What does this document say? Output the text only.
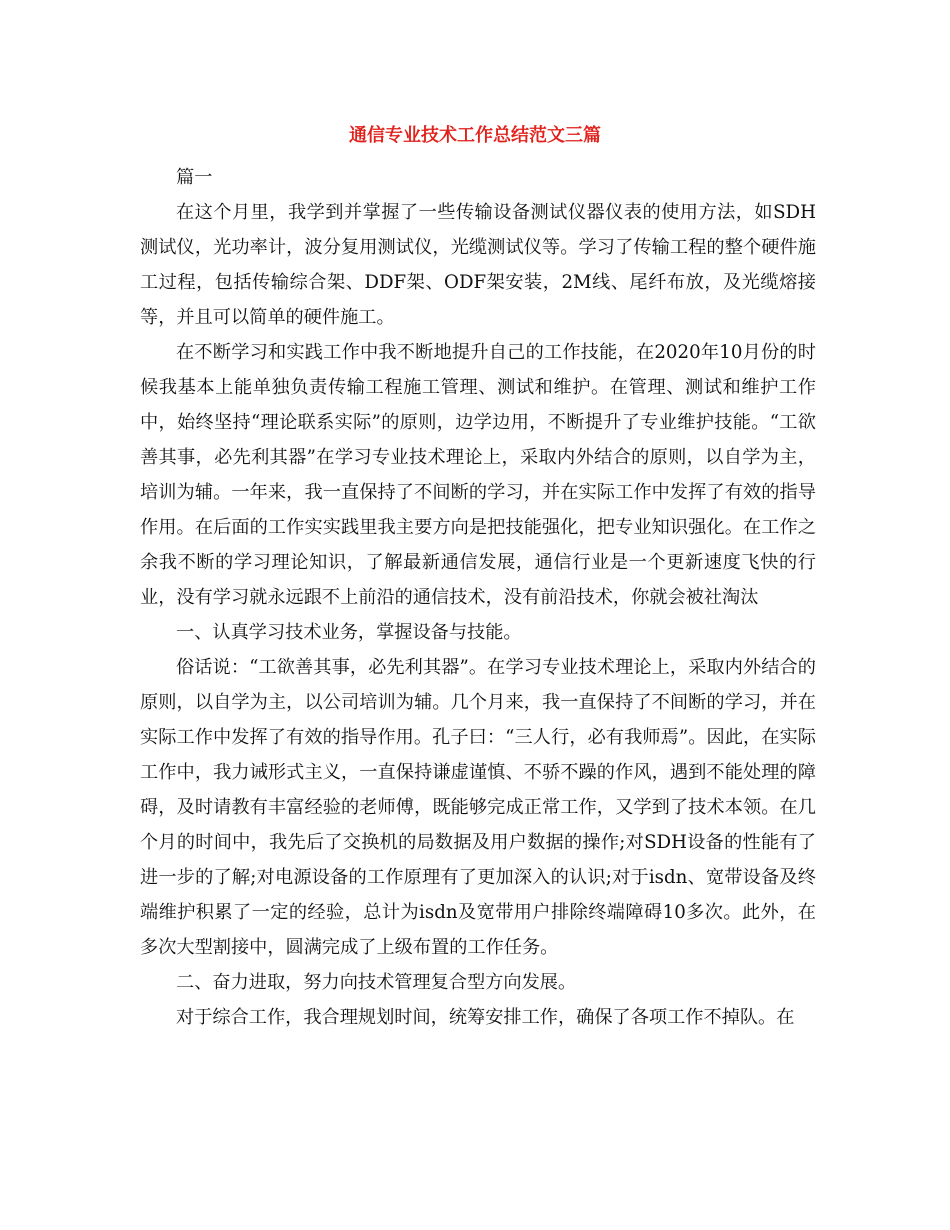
通信专业技术工作总结范文三篇

篇一

在这个月里，我学到并掌握了一些传输设备测试仪器仪表的使用方法，如SDH测试仪，光功率计，波分复用测试仪，光缆测试仪等。学习了传输工程的整个硬件施工过程，包括传输综合架、DDF架、ODF架安装，2M线、尾纤布放，及光缆熔接等，并且可以简单的硬件施工。

在不断学习和实践工作中我不断地提升自己的工作技能，在2020年10月份的时候我基本上能单独负责传输工程施工管理、测试和维护。在管理、测试和维护工作中，始终坚持“理论联系实际”的原则，边学边用，不断提升了专业维护技能。“工欲善其事，必先利其器”在学习专业技术理论上，采取内外结合的原则，以自学为主，培训为辅。一年来，我一直保持了不间断的学习，并在实际工作中发挥了有效的指导作用。在后面的工作实实践里我主要方向是把技能强化，把专业知识强化。在工作之余我不断的学习理论知识，了解最新通信发展，通信行业是一个更新速度飞快的行业，没有学习就永远跟不上前沿的通信技术，没有前沿技术，你就会被社淘汰

一、认真学习技术业务，掌握设备与技能。

俗话说：“工欲善其事，必先利其器”。在学习专业技术理论上，采取内外结合的原则，以自学为主，以公司培训为辅。几个月来，我一直保持了不间断的学习，并在实际工作中发挥了有效的指导作用。孔子曰：“三人行，必有我师焉”。因此，在实际工作中，我力诫形式主义，一直保持谦虚谨慎、不骄不躁的作风，遇到不能处理的障碍，及时请教有丰富经验的老师傅，既能够完成正常工作，又学到了技术本领。在几个月的时间中，我先后了交换机的局数据及用户数据的操作;对SDH设备的性能有了进一步的了解;对电源设备的工作原理有了更加深入的认识;对于isdn、宽带设备及终端维护积累了一定的经验，总计为isdn及宽带用户排除终端障碍10多次。此外，在多次大型割接中，圆满完成了上级布置的工作任务。

二、奋力进取，努力向技术管理复合型方向发展。

对于综合工作，我合理规划时间，统筹安排工作，确保了各项工作不掉队。在
